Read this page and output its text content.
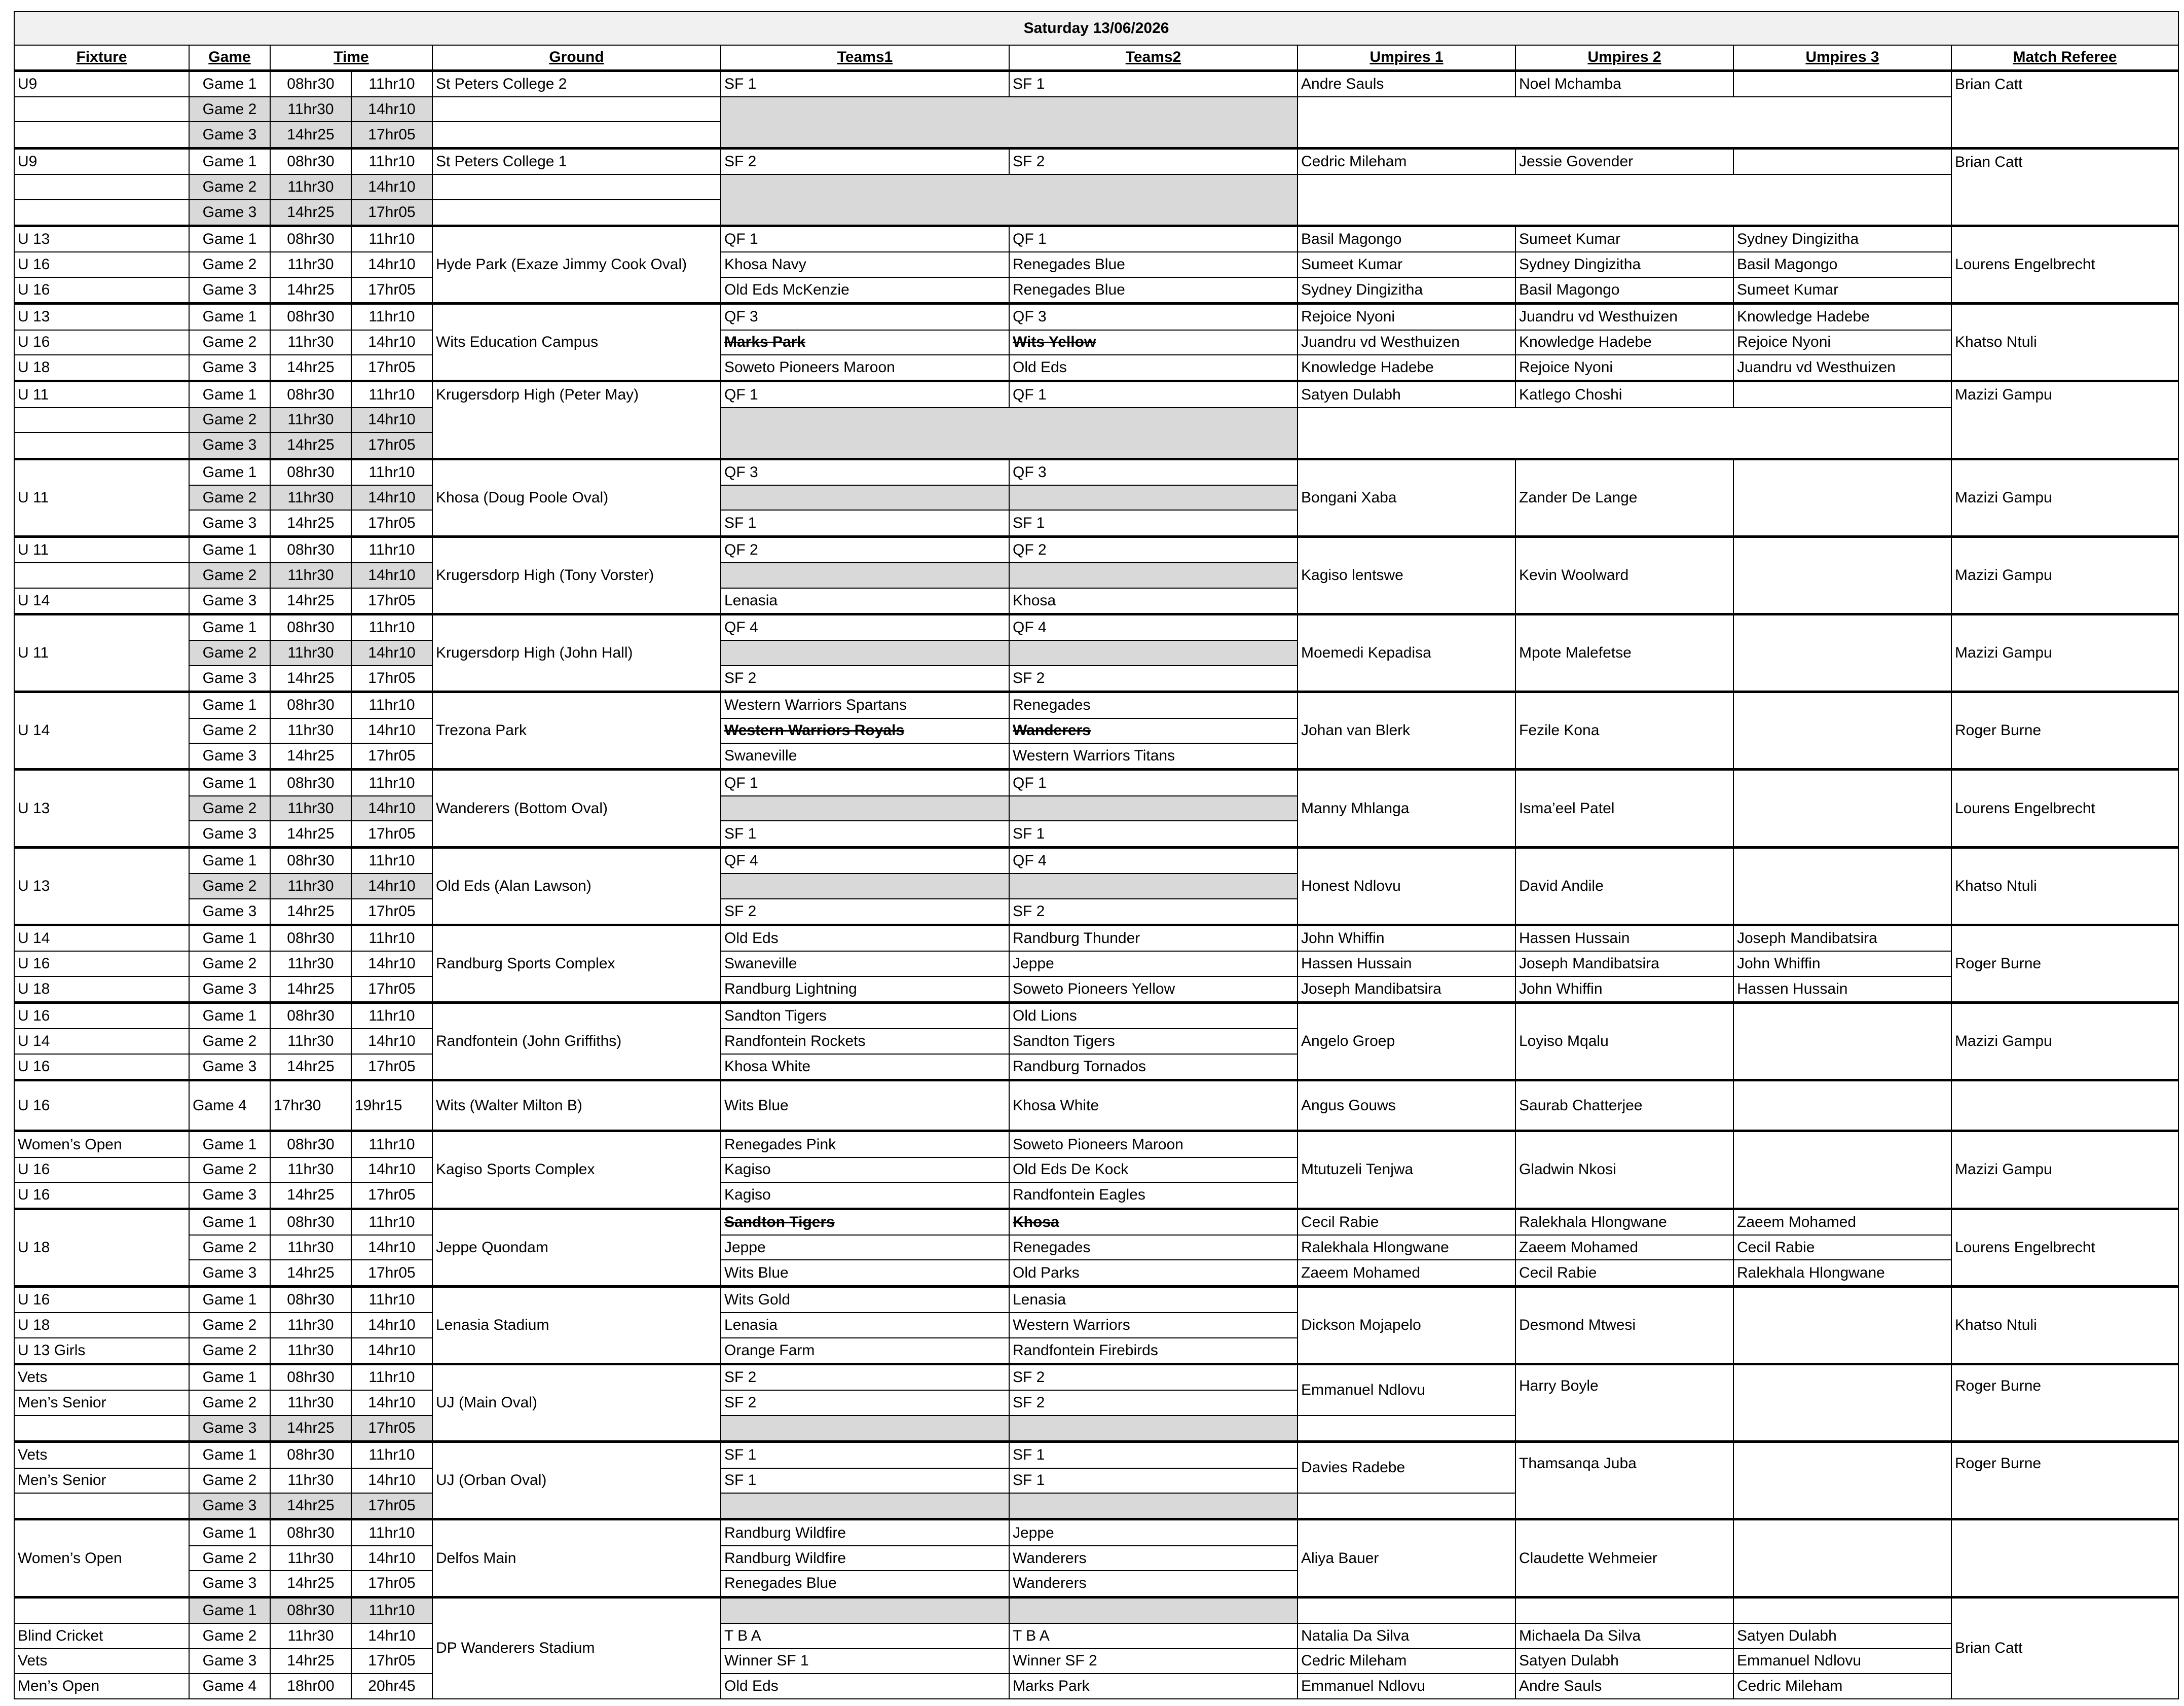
Saturday 13/06/2026										
Fixture	Game	Time		Ground	Teams1	Teams2	Umpires 1	Umpires 2	Umpires 3	Match Referee
U9	Game 1	08hr30	11hr10	St Peters College 2	SF 1	SF 1	Andre Sauls	Noel Mchamba		Brian Catt
	Game 2	11hr30	14hr10							
	Game 3	14hr25	17hr05							
U9	Game 1	08hr30	11hr10	St Peters College 1	SF 2	SF 2	Cedric Mileham	Jessie Govender		Brian Catt
	Game 2	11hr30	14hr10							
	Game 3	14hr25	17hr05							
U 13	Game 1	08hr30	11hr10	Hyde Park (Exaze Jimmy Cook Oval)	QF 1	QF 1	Basil Magongo	Sumeet Kumar	Sydney Dingizitha	Lourens Engelbrecht
U 16	Game 2	11hr30	14hr10		Khosa Navy	Renegades Blue	Sumeet Kumar	Sydney Dingizitha	Basil Magongo	
U 16	Game 3	14hr25	17hr05		Old Eds McKenzie	Renegades Blue	Sydney Dingizitha	Basil Magongo	Sumeet Kumar	
U 13	Game 1	08hr30	11hr10	Wits Education Campus	QF 3	QF 3	Rejoice Nyoni	Juandru vd Westhuizen	Knowledge Hadebe	Khatso Ntuli
U 16	Game 2	11hr30	14hr10		Marks Park	Wits Yellow	Juandru vd Westhuizen	Knowledge Hadebe	Rejoice Nyoni	
U 18	Game 3	14hr25	17hr05		Soweto Pioneers Maroon	Old Eds	Knowledge Hadebe	Rejoice Nyoni	Juandru vd Westhuizen	
U 11	Game 1	08hr30	11hr10	Krugersdorp High (Peter May)	QF 1	QF 1	Satyen Dulabh	Katlego Choshi		Mazizi Gampu
	Game 2	11hr30	14hr10							
	Game 3	14hr25	17hr05							
U 11	Game 1	08hr30	11hr10	Khosa (Doug Poole Oval)	QF 3	QF 3	Bongani Xaba	Zander De Lange		Mazizi Gampu
	Game 2	11hr30	14hr10							
	Game 3	14hr25	17hr05		SF 1	SF 1				
U 11	Game 1	08hr30	11hr10	Krugersdorp High (Tony Vorster)	QF 2	QF 2	Kagiso lentswe	Kevin Woolward		Mazizi Gampu
	Game 2	11hr30	14hr10							
U 14	Game 3	14hr25	17hr05		Lenasia	Khosa				
U 11	Game 1	08hr30	11hr10	Krugersdorp High (John Hall)	QF 4	QF 4	Moemedi Kepadisa	Mpote Malefetse		Mazizi Gampu
	Game 2	11hr30	14hr10							
	Game 3	14hr25	17hr05		SF 2	SF 2				
U 14	Game 1	08hr30	11hr10	Trezona Park	Western Warriors Spartans	Renegades	Johan van Blerk	Fezile Kona		Roger Burne
	Game 2	11hr30	14hr10		Western Warriors Royals	Wanderers				
	Game 3	14hr25	17hr05		Swaneville	Western Warriors Titans				
U 13	Game 1	08hr30	11hr10	Wanderers (Bottom Oval)	QF 1	QF 1	Manny Mhlanga	Isma’eel Patel		Lourens Engelbrecht
	Game 2	11hr30	14hr10							
	Game 3	14hr25	17hr05		SF 1	SF 1				
U 13	Game 1	08hr30	11hr10	Old Eds (Alan Lawson)	QF 4	QF 4	Honest Ndlovu	David Andile		Khatso Ntuli
	Game 2	11hr30	14hr10							
	Game 3	14hr25	17hr05		SF 2	SF 2				
U 14	Game 1	08hr30	11hr10	Randburg Sports Complex	Old Eds	Randburg Thunder	John Whiffin	Hassen Hussain	Joseph Mandibatsira	Roger Burne
U 16	Game 2	11hr30	14hr10		Swaneville	Jeppe	Hassen Hussain	Joseph Mandibatsira	John Whiffin	
U 18	Game 3	14hr25	17hr05		Randburg Lightning	Soweto Pioneers Yellow	Joseph Mandibatsira	John Whiffin	Hassen Hussain	
U 16	Game 1	08hr30	11hr10	Randfontein (John Griffiths)	Sandton Tigers	Old Lions	Angelo Groep	Loyiso Mqalu		Mazizi Gampu
U 14	Game 2	11hr30	14hr10		Randfontein Rockets	Sandton Tigers				
U 16	Game 3	14hr25	17hr05		Khosa White	Randburg Tornados				
U 16	Game 4	17hr30	19hr15	Wits (Walter Milton B)	Wits Blue	Khosa White	Angus Gouws	Saurab Chatterjee		
Women’s Open	Game 1	08hr30	11hr10	Kagiso Sports Complex	Renegades Pink	Soweto Pioneers Maroon	Mtutuzeli Tenjwa	Gladwin Nkosi		Mazizi Gampu
U 16	Game 2	11hr30	14hr10		Kagiso	Old Eds De Kock				
U 16	Game 3	14hr25	17hr05		Kagiso	Randfontein Eagles				
U 18	Game 1	08hr30	11hr10	Jeppe Quondam	Sandton Tigers	Khosa	Cecil Rabie	Ralekhala Hlongwane	Zaeem Mohamed	Lourens Engelbrecht
	Game 2	11hr30	14hr10		Jeppe	Renegades	Ralekhala Hlongwane	Zaeem Mohamed	Cecil Rabie	
	Game 3	14hr25	17hr05		Wits Blue	Old Parks	Zaeem Mohamed	Cecil Rabie	Ralekhala Hlongwane	
U 16	Game 1	08hr30	11hr10	Lenasia Stadium	Wits Gold	Lenasia	Dickson Mojapelo	Desmond Mtwesi		Khatso Ntuli
U 18	Game 2	11hr30	14hr10		Lenasia	Western Warriors				
U 13 Girls	Game 2	11hr30	14hr10		Orange Farm	Randfontein Firebirds				
Vets	Game 1	08hr30	11hr10	UJ (Main Oval)	SF 2	SF 2	Emmanuel Ndlovu	Harry Boyle		Roger Burne
Men’s Senior	Game 2	11hr30	14hr10		SF 2	SF 2				
	Game 3	14hr25	17hr05							
Vets	Game 1	08hr30	11hr10	UJ (Orban Oval)	SF 1	SF 1	Davies Radebe	Thamsanqa Juba		Roger Burne
Men’s Senior	Game 2	11hr30	14hr10		SF 1	SF 1				
	Game 3	14hr25	17hr05							
Women’s Open	Game 1	08hr30	11hr10	Delfos Main	Randburg Wildfire	Jeppe	Aliya Bauer	Claudette Wehmeier		
	Game 2	11hr30	14hr10		Randburg Wildfire	Wanderers				
	Game 3	14hr25	17hr05		Renegades Blue	Wanderers				
	Game 1	08hr30	11hr10	DP Wanderers Stadium						Brian Catt
Blind Cricket	Game 2	11hr30	14hr10		T B A	T B A	Natalia Da Silva	Michaela Da Silva	Satyen Dulabh	
Vets	Game 3	14hr25	17hr05		Winner SF 1	Winner SF 2	Cedric Mileham	Satyen Dulabh	Emmanuel Ndlovu	
Men’s Open	Game 4	18hr00	20hr45		Old Eds	Marks Park	Emmanuel Ndlovu	Andre Sauls	Cedric Mileham	
